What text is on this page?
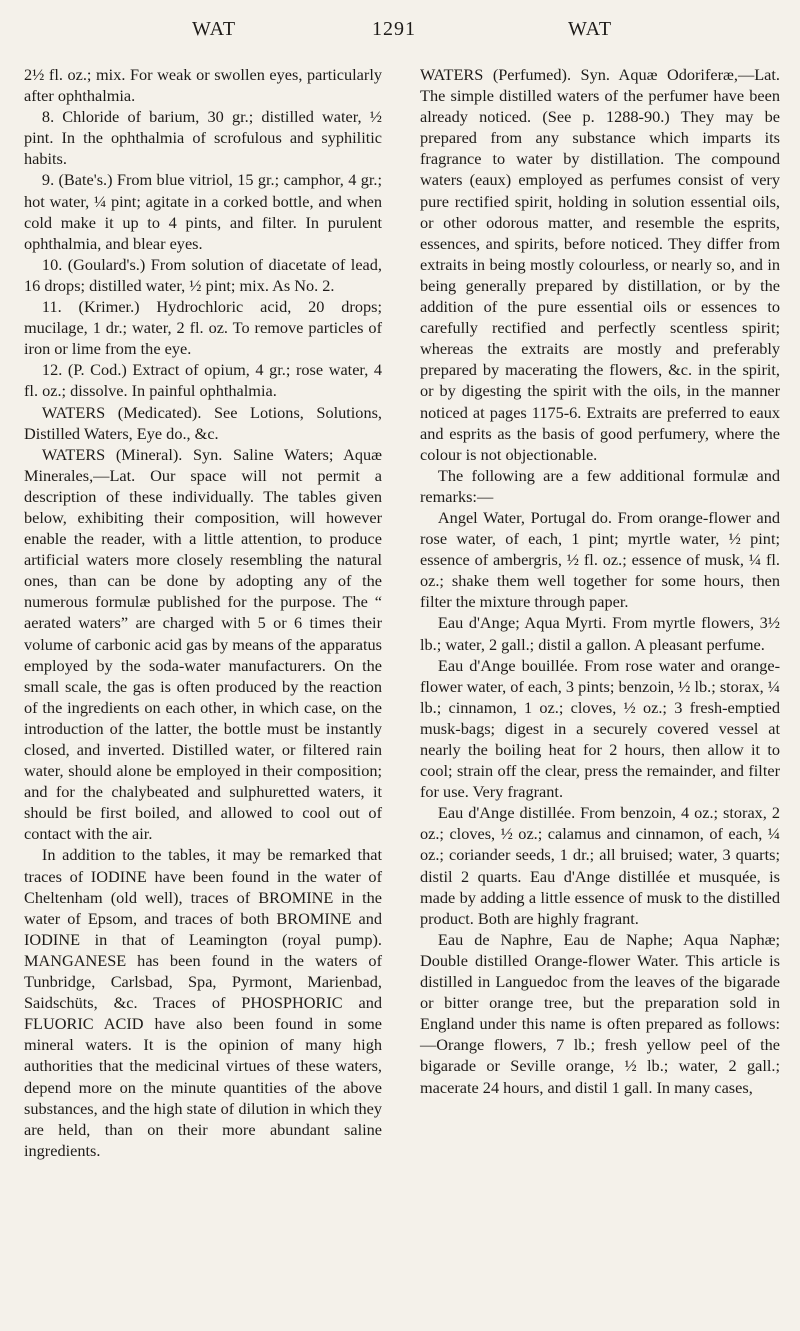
WAT	1291	WAT

2½ fl. oz.; mix. For weak or swollen eyes, particularly after ophthalmia.

8. Chloride of barium, 30 gr.; distilled water, ½ pint. In the ophthalmia of scrofulous and syphilitic habits.

9. (Bate's.) From blue vitriol, 15 gr.; camphor, 4 gr.; hot water, ¼ pint; agitate in a corked bottle, and when cold make it up to 4 pints, and filter. In purulent ophthalmia, and blear eyes.

10. (Goulard's.) From solution of diacetate of lead, 16 drops; distilled water, ½ pint; mix. As No. 2.

11. (Krimer.) Hydrochloric acid, 20 drops; mucilage, 1 dr.; water, 2 fl. oz. To remove particles of iron or lime from the eye.

12. (P. Cod.) Extract of opium, 4 gr.; rose water, 4 fl. oz.; dissolve. In painful ophthalmia.

WATERS (Medicated). See Lotions, Solutions, Distilled Waters, Eye do., &c.

WATERS (Mineral). Syn. Saline Waters; Aquæ Minerales,—Lat. Our space will not permit a description of these individually. The tables given below, exhibiting their composition, will however enable the reader, with a little attention, to produce artificial waters more closely resembling the natural ones, than can be done by adopting any of the numerous formulæ published for the purpose. The “ aerated waters” are charged with 5 or 6 times their volume of carbonic acid gas by means of the apparatus employed by the soda-water manufacturers. On the small scale, the gas is often produced by the reaction of the ingredients on each other, in which case, on the introduction of the latter, the bottle must be instantly closed, and inverted. Distilled water, or filtered rain water, should alone be employed in their composition; and for the chalybeated and sulphuretted waters, it should be first boiled, and allowed to cool out of contact with the air.

In addition to the tables, it may be remarked that traces of IODINE have been found in the water of Cheltenham (old well), traces of BROMINE in the water of Epsom, and traces of both BROMINE and IODINE in that of Leamington (royal pump). MANGANESE has been found in the waters of Tunbridge, Carlsbad, Spa, Pyrmont, Marienbad, Saidschüts, &c. Traces of PHOSPHORIC and FLUORIC ACID have also been found in some mineral waters. It is the opinion of many high authorities that the medicinal virtues of these waters, depend more on the minute quantities of the above substances, and the high state of dilution in which they are held, than on their more abundant saline ingredients.

WATERS (Perfumed). Syn. Aquæ Odoriferæ,—Lat. The simple distilled waters of the perfumer have been already noticed. (See p. 1288-90.) They may be prepared from any substance which imparts its fragrance to water by distillation. The compound waters (eaux) employed as perfumes consist of very pure rectified spirit, holding in solution essential oils, or other odorous matter, and resemble the esprits, essences, and spirits, before noticed. They differ from extraits in being mostly colourless, or nearly so, and in being generally prepared by distillation, or by the addition of the pure essential oils or essences to carefully rectified and perfectly scentless spirit; whereas the extraits are mostly and preferably prepared by macerating the flowers, &c. in the spirit, or by digesting the spirit with the oils, in the manner noticed at pages 1175-6. Extraits are preferred to eaux and esprits as the basis of good perfumery, where the colour is not objectionable.

The following are a few additional formulæ and remarks:—

Angel Water, Portugal do. From orange-flower and rose water, of each, 1 pint; myrtle water, ½ pint; essence of ambergris, ½ fl. oz.; essence of musk, ¼ fl. oz.; shake them well together for some hours, then filter the mixture through paper.

Eau d'Ange; Aqua Myrti. From myrtle flowers, 3½ lb.; water, 2 gall.; distil a gallon. A pleasant perfume.

Eau d'Ange bouillée. From rose water and orange-flower water, of each, 3 pints; benzoin, ½ lb.; storax, ¼ lb.; cinnamon, 1 oz.; cloves, ½ oz.; 3 fresh-emptied musk-bags; digest in a securely covered vessel at nearly the boiling heat for 2 hours, then allow it to cool; strain off the clear, press the remainder, and filter for use. Very fragrant.

Eau d'Ange distillée. From benzoin, 4 oz.; storax, 2 oz.; cloves, ½ oz.; calamus and cinnamon, of each, ¼ oz.; coriander seeds, 1 dr.; all bruised; water, 3 quarts; distil 2 quarts. Eau d'Ange distillée et musquée, is made by adding a little essence of musk to the distilled product. Both are highly fragrant.

Eau de Naphre, Eau de Naphe; Aqua Naphæ; Double distilled Orange-flower Water. This article is distilled in Languedoc from the leaves of the bigarade or bitter orange tree, but the preparation sold in England under this name is often prepared as follows:—Orange flowers, 7 lb.; fresh yellow peel of the bigarade or Seville orange, ½ lb.; water, 2 gall.; macerate 24 hours, and distil 1 gall. In many cases,
